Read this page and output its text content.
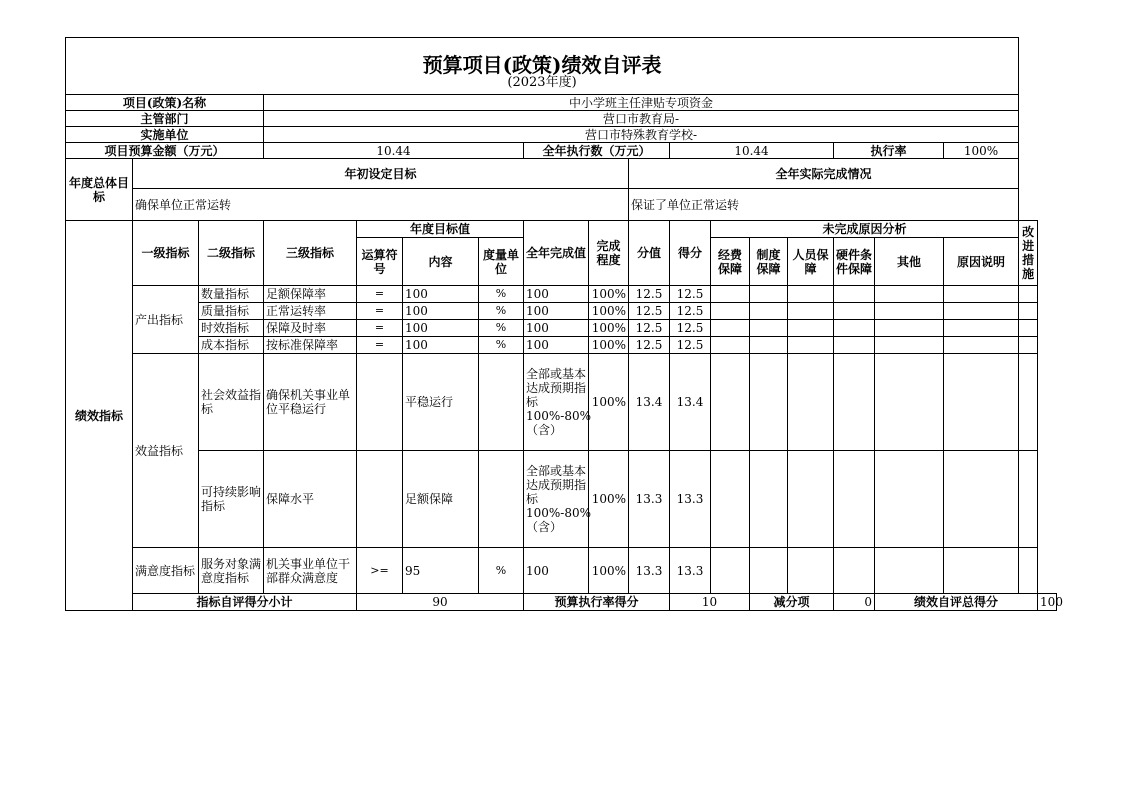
预算项目(政策)绩效自评表																		
(2023年度)																		
项目(政策)名称			中小学班主任津贴专项资金															
主管部门			营口市教育局-															
实施单位			营口市特殊教育学校-															
项目预算金额（万元）			10.44				全年执行数（万元）			10.44				执行率		100%		
年度总体目标	年初设定目标								全年实际完成情况									
	确保单位正常运转								保证了单位正常运转									
绩效指标	一级指标	二级指标	三级指标	年度目标值			全年完成值	完成程度	分值	得分	未完成原因分析						改进措施	
				运算符号	内容	度量单位					经费保障	制度保障	人员保障	硬件条件保障	其他	原因说明		
	产出指标	数量指标	足额保障率	=	100	%	100	100%	12.5	12.5								
		质量指标	正常运转率	=	100	%	100	100%	12.5	12.5								
		时效指标	保障及时率	=	100	%	100	100%	12.5	12.5								
		成本指标	按标准保障率	=	100	%	100	100%	12.5	12.5								
	效益指标	社会效益指标	确保机关事业单位平稳运行		平稳运行		全部或基本达成预期指标100%-80%（含）	100%	13.4	13.4								
		可持续影响指标	保障水平		足额保障		全部或基本达成预期指标100%-80%（含）	100%	13.3	13.3								
	满意度指标	服务对象满意度指标	机关事业单位干部群众满意度	>=	95	%	100	100%	13.3	13.3								
	指标自评得分小计			90			预算执行率得分			10		减分项		0	绩效自评总得分			100
